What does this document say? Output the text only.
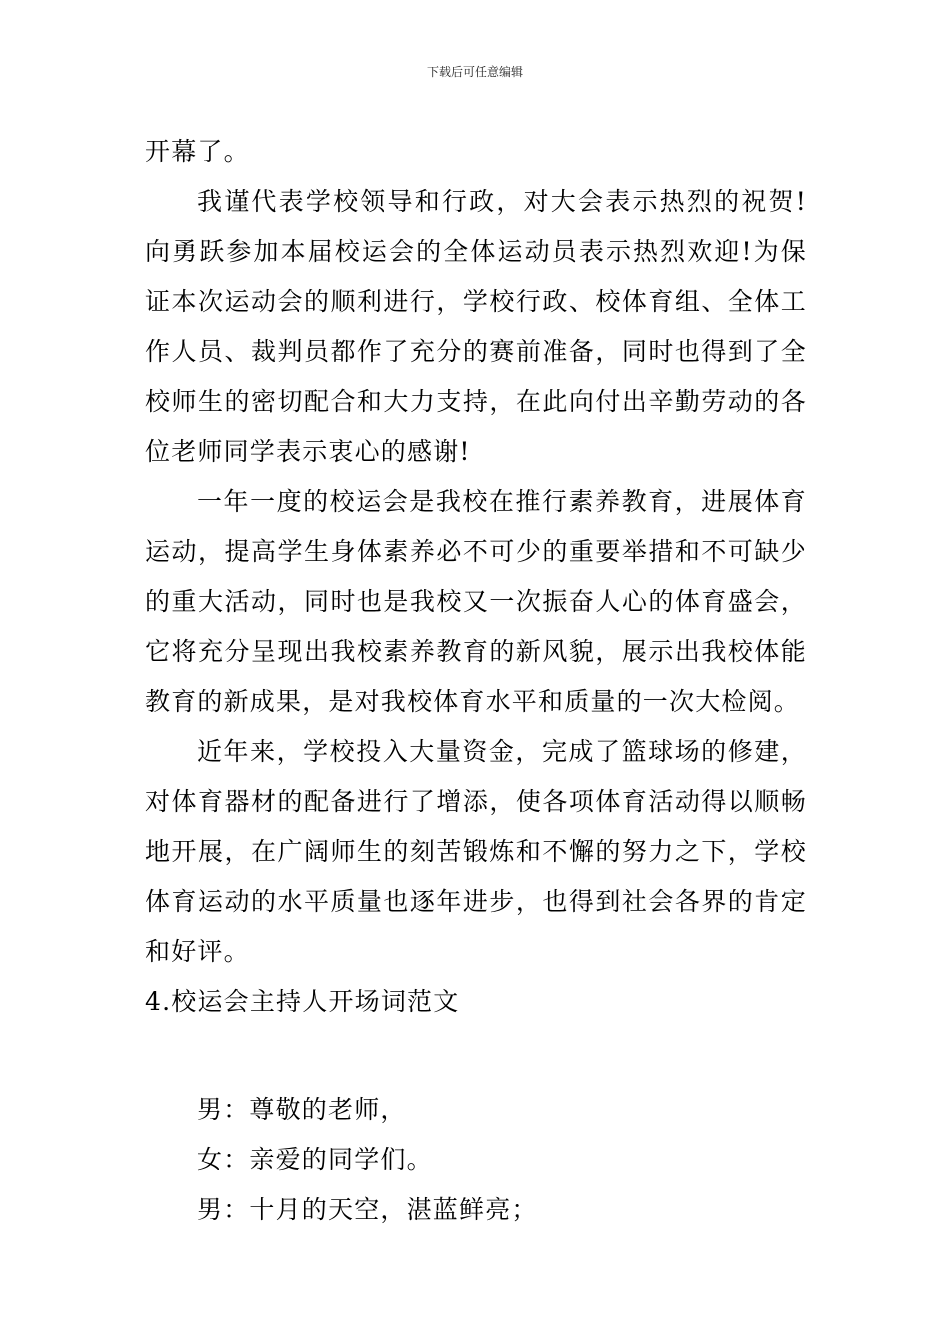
下载后可任意编辑

开幕了。

我谨代表学校领导和行政，对大会表示热烈的祝贺!向勇跃参加本届校运会的全体运动员表示热烈欢迎!为保证本次运动会的顺利进行，学校行政、校体育组、全体工作人员、裁判员都作了充分的赛前准备，同时也得到了全校师生的密切配合和大力支持，在此向付出辛勤劳动的各位老师同学表示衷心的感谢!

一年一度的校运会是我校在推行素养教育，进展体育运动，提高学生身体素养必不可少的重要举措和不可缺少的重大活动，同时也是我校又一次振奋人心的体育盛会，它将充分呈现出我校素养教育的新风貌，展示出我校体能教育的新成果，是对我校体育水平和质量的一次大检阅。

近年来，学校投入大量资金，完成了篮球场的修建，对体育器材的配备进行了增添，使各项体育活动得以顺畅地开展，在广阔师生的刻苦锻炼和不懈的努力之下，学校体育运动的水平质量也逐年进步，也得到社会各界的肯定和好评。

4.校运会主持人开场词范文

男：尊敬的老师，

女：亲爱的同学们。

男：十月的天空，湛蓝鲜亮；
